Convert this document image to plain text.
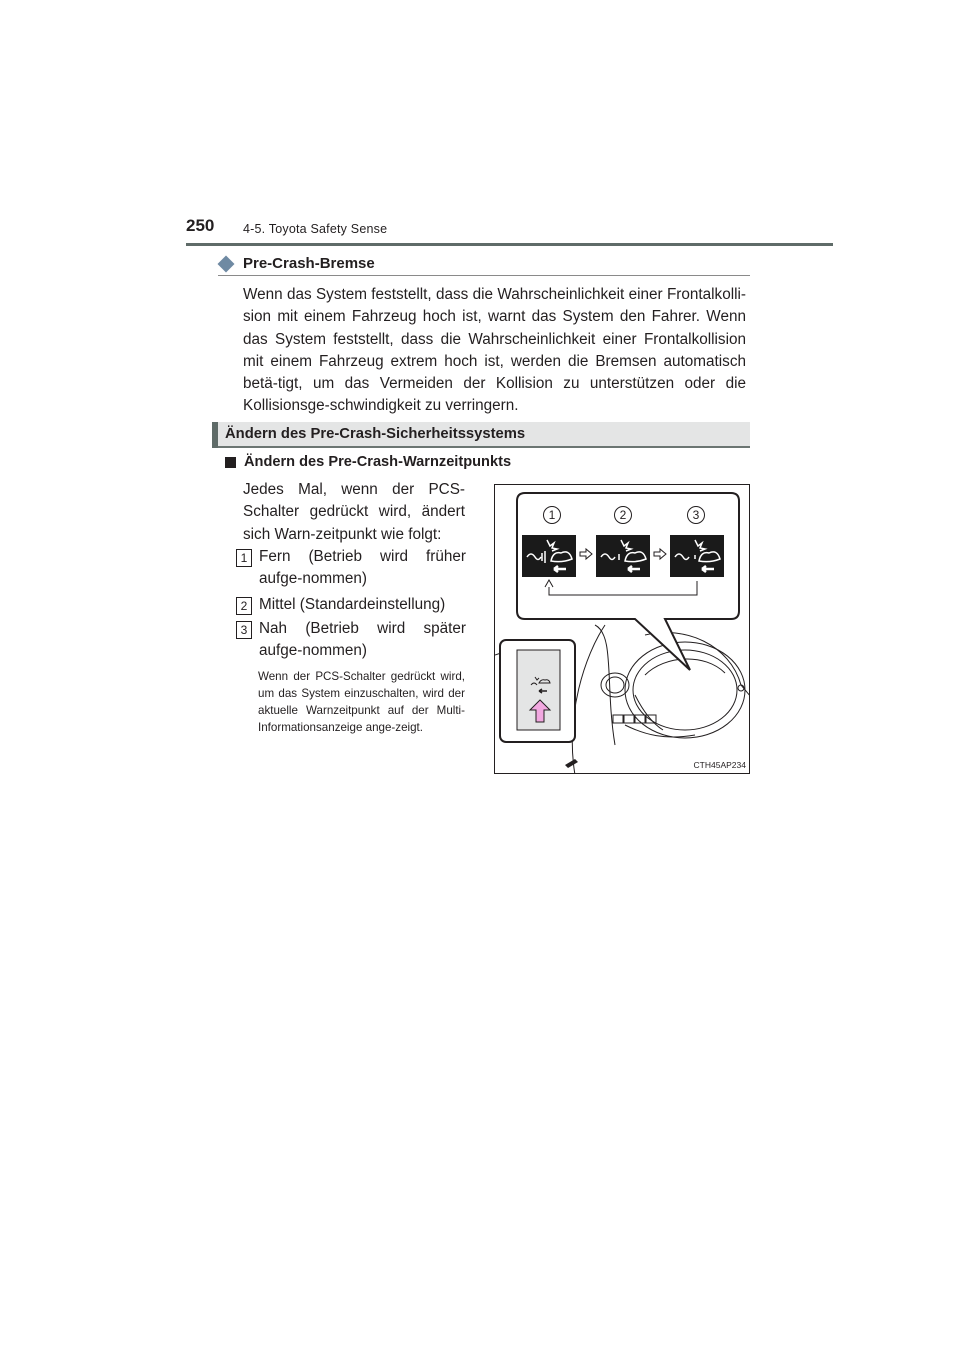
250 4-5. Toyota Safety Sense
Pre-Crash-Bremse
Wenn das System feststellt, dass die Wahrscheinlichkeit einer Frontalkolli-sion mit einem Fahrzeug hoch ist, warnt das System den Fahrer. Wenn das System feststellt, dass die Wahrscheinlichkeit einer Frontalkollision mit einem Fahrzeug extrem hoch ist, werden die Bremsen automatisch betä-tigt, um das Vermeiden der Kollision zu unterstützen oder die Kollisionsge-schwindigkeit zu verringern.
Ändern des Pre-Crash-Sicherheitssystems
Ändern des Pre-Crash-Warnzeitpunkts
Jedes Mal, wenn der PCS-Schalter gedrückt wird, ändert sich Warn-zeitpunkt wie folgt:
1 Fern (Betrieb wird früher aufge-nommen)
2 Mittel (Standardeinstellung)
3 Nah (Betrieb wird später aufge-nommen)
Wenn der PCS-Schalter gedrückt wird, um das System einzuschalten, wird der aktuelle Warnzeitpunkt auf der Multi-Informationsanzeige ange-zeigt.
1	2	3
CTH45AP234
